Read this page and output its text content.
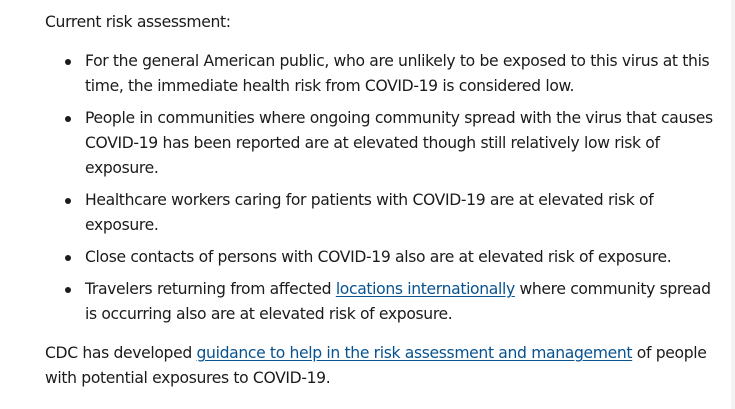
Current risk assessment:

For the general American public, who are unlikely to be exposed to this virus at this time, the immediate health risk from COVID-19 is considered low.
People in communities where ongoing community spread with the virus that causes COVID-19 has been reported are at elevated though still relatively low risk of exposure.
Healthcare workers caring for patients with COVID-19 are at elevated risk of exposure.
Close contacts of persons with COVID-19 also are at elevated risk of exposure.
Travelers returning from affected locations internationally where community spread is occurring also are at elevated risk of exposure.

CDC has developed guidance to help in the risk assessment and management of people with potential exposures to COVID-19.
